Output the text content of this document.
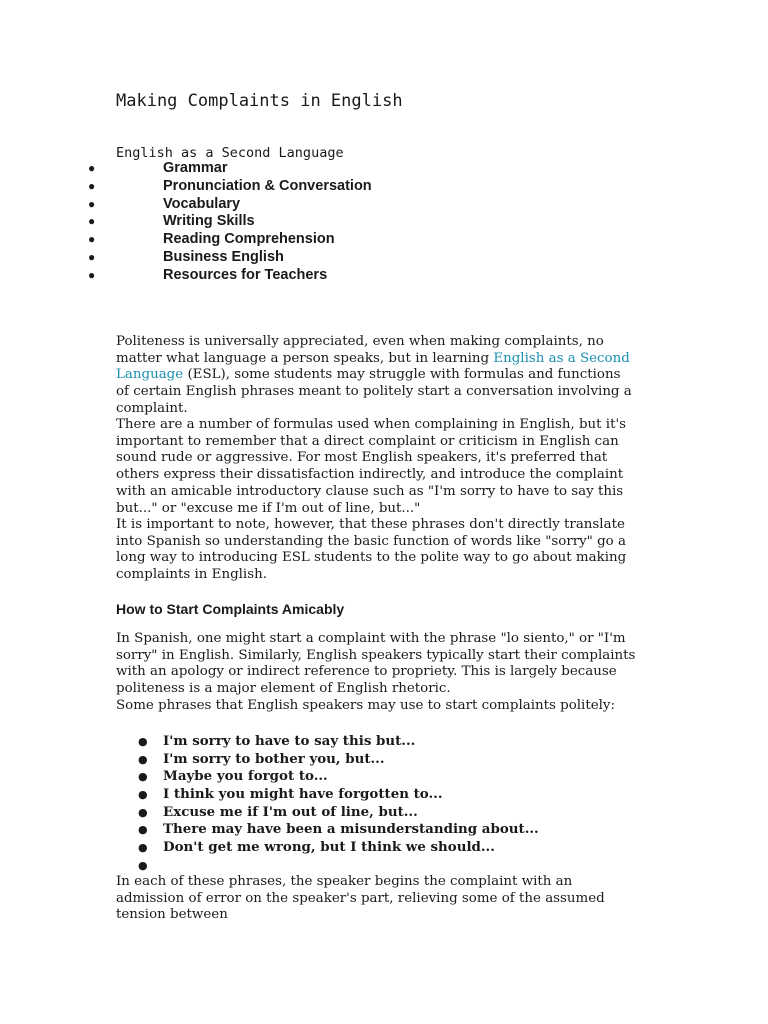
Making Complaints in English
English as a Second Language
●	Grammar
●	Pronunciation & Conversation
●	Vocabulary
●	Writing Skills
●	Reading Comprehension
●	Business English
●	Resources for Teachers

Politeness is universally appreciated, even when making complaints, no matter what language a person speaks, but in learning English as a Second Language (ESL), some students may struggle with formulas and functions of certain English phrases meant to politely start a conversation involving a complaint.

There are a number of formulas used when complaining in English, but it's important to remember that a direct complaint or criticism in English can sound rude or aggressive. For most English speakers, it's preferred that others express their dissatisfaction indirectly, and introduce the complaint with an amicable introductory clause such as "I'm sorry to have to say this but..." or "excuse me if I'm out of line, but..."

It is important to note, however, that these phrases don't directly translate into Spanish so understanding the basic function of words like "sorry" go a long way to introducing ESL students to the polite way to go about making complaints in English.

How to Start Complaints Amicably

In Spanish, one might start a complaint with the phrase "lo siento," or "I'm sorry" in English. Similarly, English speakers typically start their complaints with an apology or indirect reference to propriety. This is largely because politeness is a major element of English rhetoric.

Some phrases that English speakers may use to start complaints politely:

● I'm sorry to have to say this but...
● I'm sorry to bother you, but...
● Maybe you forgot to...
● I think you might have forgotten to...
● Excuse me if I'm out of line, but...
● There may have been a misunderstanding about...
● Don't get me wrong, but I think we should...
●

In each of these phrases, the speaker begins the complaint with an admission of error on the speaker's part, relieving some of the assumed tension between
